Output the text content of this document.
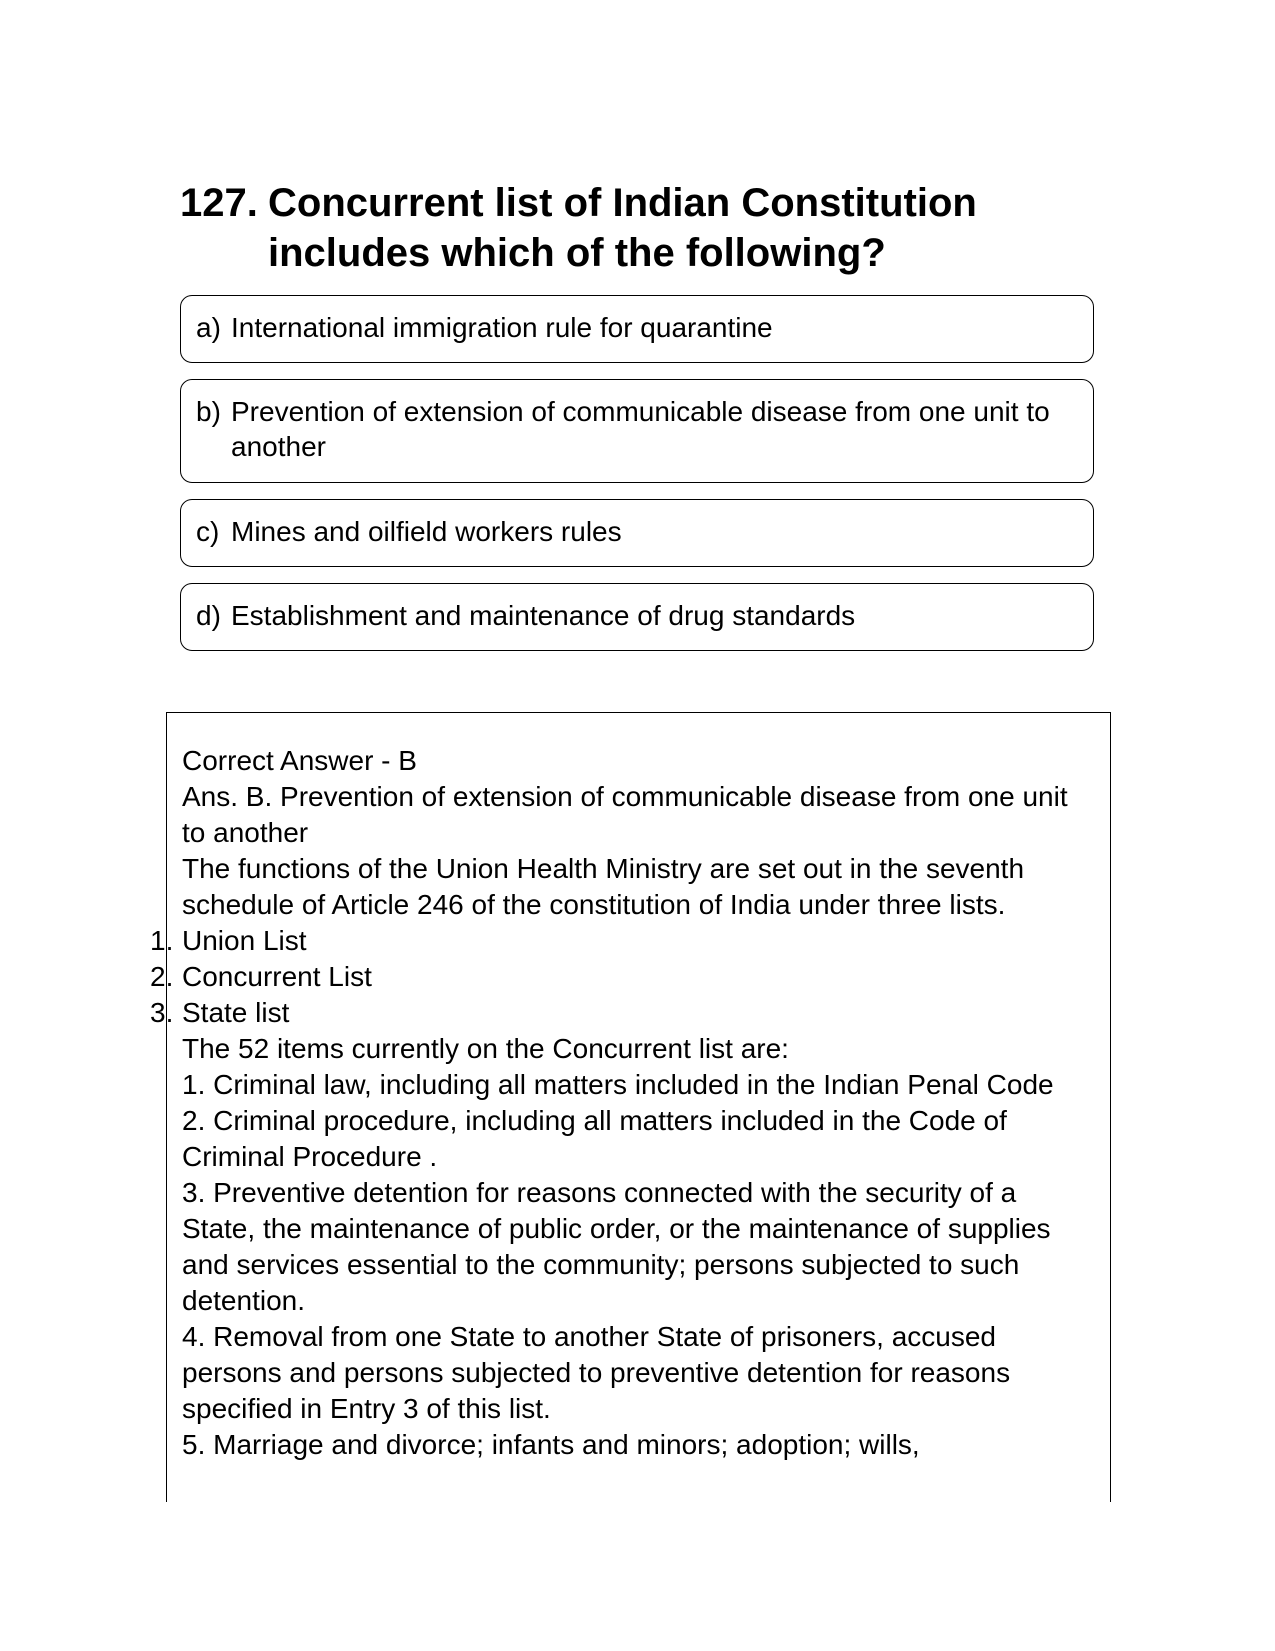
127. Concurrent list of Indian Constitution includes which of the following?
a) International immigration rule for quarantine
b) Prevention of extension of communicable disease from one unit to another
c) Mines and oilfield workers rules
d) Establishment and maintenance of drug standards

Correct Answer - B

Ans. B. Prevention of extension of communicable disease from one unit to another

The functions of the Union Health Ministry are set out in the seventh schedule of Article 246 of the constitution of India under three lists.

1. Union List

2. Concurrent List

3. State list

The 52 items currently on the Concurrent list are:

1. Criminal law, including all matters included in the Indian Penal Code

2. Criminal procedure, including all matters included in the Code of Criminal Procedure .

3. Preventive detention for reasons connected with the security of a State, the maintenance of public order, or the maintenance of supplies and services essential to the community; persons subjected to such detention.

4. Removal from one State to another State of prisoners, accused persons and persons subjected to preventive detention for reasons specified in Entry 3 of this list.

5. Marriage and divorce; infants and minors; adoption; wills,
